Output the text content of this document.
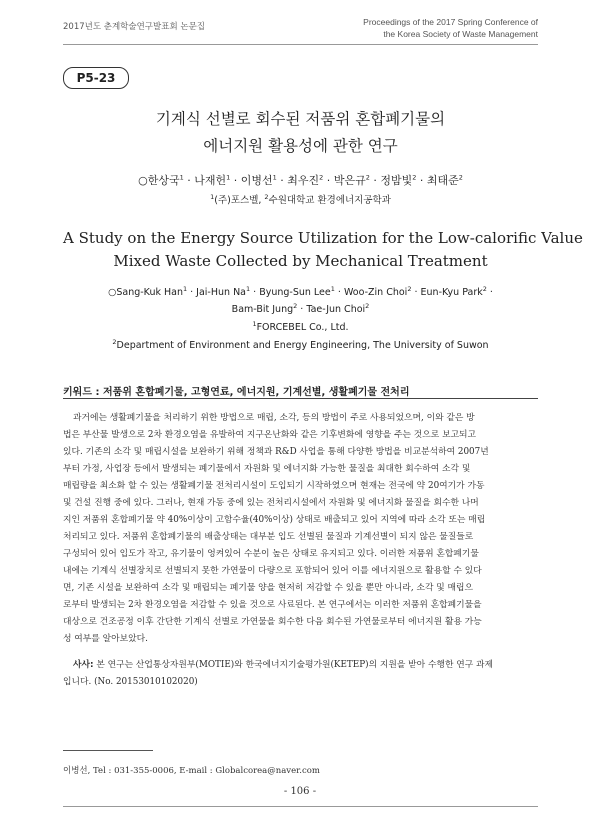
2017년도 춘계학술연구발표회 논문집	Proceedings of the 2017 Spring Conference of
the Korea Society of Waste Management
P5-23
기계식 선별로 회수된 저품위 혼합폐기물의
에너지원 활용성에 관한 연구
○한상국$^1$ · 나재헌$^1$ · 이병선$^1$ · 최우진$^2$ · 박은규$^2$ · 정밤빛$^2$ · 최태준$^2$
$^1$(주)포스벨, $^2$수원대학교 환경에너지공학과
A Study on the Energy Source Utilization for the Low-calorific Value
Mixed Waste Collected by Mechanical Treatment
○Sang-Kuk Han$^1$ · Jai-Hun $Na^1$ · Byung-Sun Lee$^1$ · Woo-Zin Choi$^2$ · Eun-Kyu Park$^2$ ·
Bam-Bit Jung$^2$ · Tae-Jun Choi$^2$
$^1$FORCEBEL Co., Ltd.
$^2$Department of Environment and Energy Engineering, The University of Suwon
키워드 : 저품위 혼합폐기물, 고형연료, 에너지원, 기계선별, 생활폐기물 전처리
과거에는 생활폐기물을 처리하기 위한 방법으로 매립, 소각, 등의 방법이 주로 사용되었으며, 이와 같은 방
법은 부산물 발생으로 2차 환경오염을 유발하여 지구온난화와 같은 기후변화에 영향을 주는 것으로 보고되고
있다. 기존의 소각 및 매립시설을 보완하기 위해 정책과 R&D 사업을 통해 다양한 방법을 비교분석하여 2007년
부터 가정, 사업장 등에서 발생되는 폐기물에서 자원화 및 에너지화 가능한 물질을 최대한 회수하여 소각 및
매립량을 최소화 할 수 있는 생활폐기물 전처리시설이 도입되기 시작하였으며 현재는 전국에 약 20여기가 가동
및 건설 진행 중에 있다. 그러나, 현재 가동 중에 있는 전처리시설에서 자원화 및 에너지화 물질을 회수한 나머
지인 저품위 혼합폐기물 약 40%이상이 고함수율(40%이상) 상태로 배출되고 있어 지역에 따라 소각 또는 매립
처리되고 있다. 저품위 혼합폐기물의 배출상태는 대부분 입도 선별된 물질과 기계선별이 되지 않은 물질들로
구성되어 있어 입도가 작고, 유기물이 엉켜있어 수분이 높은 상태로 유지되고 있다. 이러한 저품위 혼합폐기물
내에는 기계식 선별장치로 선별되지 못한 가연물이 다량으로 포함되어 있어 이를 에너지원으로 활용할 수 있다
면, 기존 시설을 보완하여 소각 및 매립되는 폐기물 양을 현저히 저감할 수 있을 뿐만 아니라, 소각 및 매립으
로부터 발생되는 2차 환경오염을 저감할 수 있을 것으로 사료된다. 본 연구에서는 이러한 저품위 혼합폐기물을
대상으로 건조공정 이후 간단한 기계식 선별로 가연물을 회수한 다음 회수된 가연물로부터 에너지원 활용 가능
성 여부를 알아보았다.
사사: 본 연구는 산업통상자원부(MOTIE)와 한국에너지기술평가원(KETEP)의 지원을 받아 수행한 연구 과제
입니다. (No. 20153010102020)
이병선, Tel : 031-355-0006, E-mail : Globalcorea@naver.com
- 106 -
